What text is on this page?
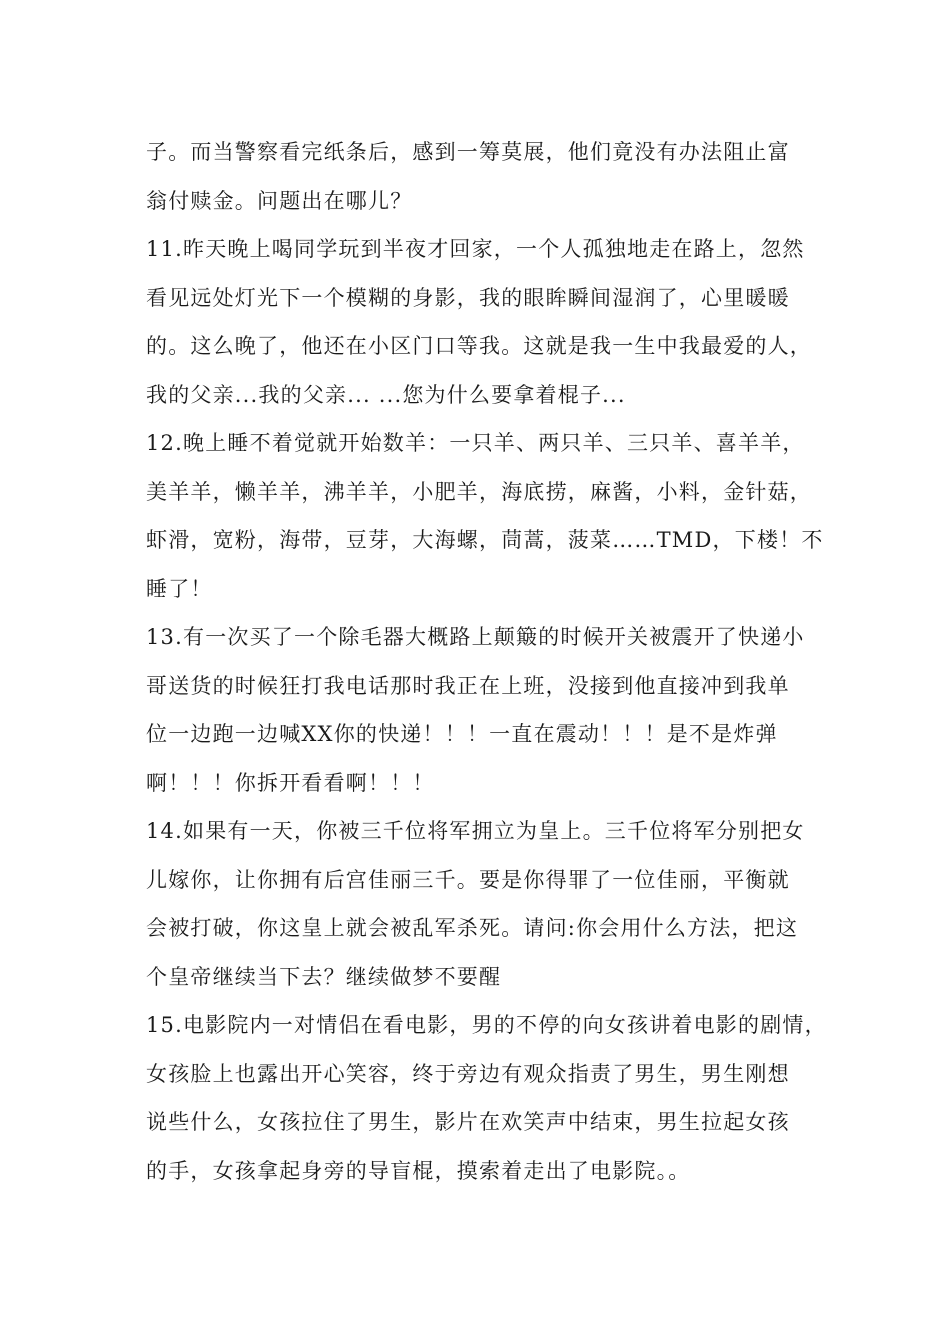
子。而当警察看完纸条后，感到一筹莫展，他们竟没有办法阻止富
翁付赎金。问题出在哪儿？
11.昨天晚上喝同学玩到半夜才回家，一个人孤独地走在路上，忽然
看见远处灯光下一个模糊的身影，我的眼眸瞬间湿润了，心里暖暖
的。这么晚了，他还在小区门口等我。这就是我一生中我最爱的人，
我的父亲...我的父亲... ...您为什么要拿着棍子...
12.晚上睡不着觉就开始数羊：一只羊、两只羊、三只羊、喜羊羊，
美羊羊，懒羊羊，沸羊羊，小肥羊，海底捞，麻酱，小料，金针菇，
虾滑，宽粉，海带，豆芽，大海螺，茼蒿，菠菜……TMD，下楼！不
睡了！
13.有一次买了一个除毛器大概路上颠簸的时候开关被震开了快递小
哥送货的时候狂打我电话那时我正在上班，没接到他直接冲到我单
位一边跑一边喊XX你的快递！！！一直在震动！！！是不是炸弹
啊！！！你拆开看看啊！！！
14.如果有一天，你被三千位将军拥立为皇上。三千位将军分别把女
儿嫁你，让你拥有后宫佳丽三千。要是你得罪了一位佳丽，平衡就
会被打破，你这皇上就会被乱军杀死。请问:你会用什么方法，把这
个皇帝继续当下去？继续做梦不要醒
15.电影院内一对情侣在看电影，男的不停的向女孩讲着电影的剧情，
女孩脸上也露出开心笑容，终于旁边有观众指责了男生，男生刚想
说些什么，女孩拉住了男生，影片在欢笑声中结束，男生拉起女孩
的手，女孩拿起身旁的导盲棍，摸索着走出了电影院。。
